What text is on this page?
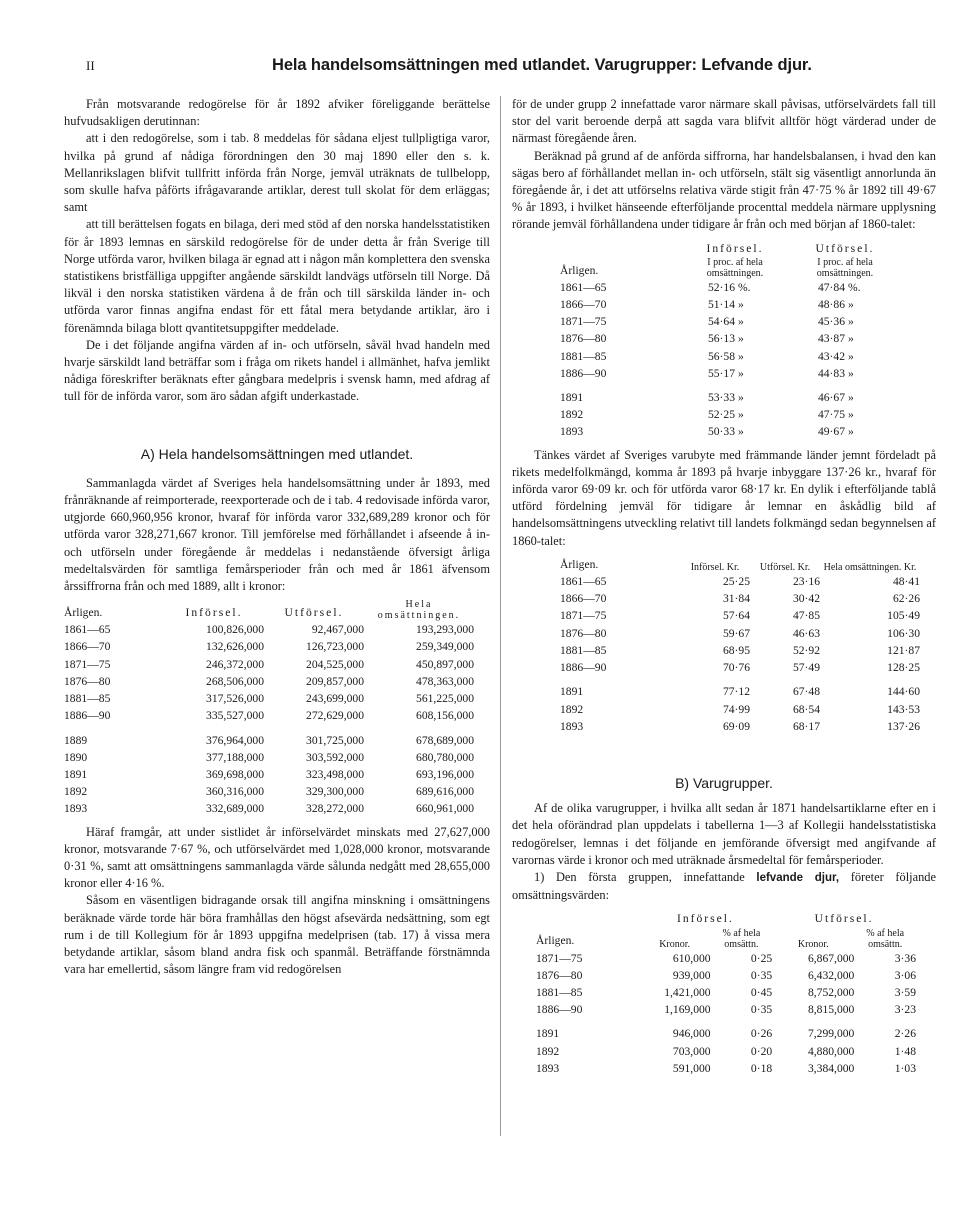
II	Hela handelsomsättningen med utlandet. Varugrupper: Lefvande djur.

Från motsvarande redogörelse för år 1892 afviker föreliggande berättelse hufvudsakligen derutinnan:

att i den redogörelse, som i tab. 8 meddelas för sådana eljest tullpligtiga varor, hvilka på grund af nådiga förordningen den 30 maj 1890 eller den s. k. Mellanrikslagen blifvit tullfritt införda från Norge, jemväl uträknats de tullbelopp, som skulle hafva påförts ifrågavarande artiklar, derest tull skolat för dem erläggas; samt

att till berättelsen fogats en bilaga, deri med stöd af den norska handelsstatistiken för år 1893 lemnas en särskild redogörelse för de under detta år från Sverige till Norge utförda varor, hvilken bilaga är egnad att i någon mån komplettera den svenska statistikens bristfälliga uppgifter angående särskildt landvägs utförseln till Norge. Då likväl i den norska statistiken värdena å de från och till särskilda länder in- och utförda varor finnas angifna endast för ett fåtal mera betydande artiklar, äro i förenämnda bilaga blott qvantitetsuppgifter meddelade.

De i det följande angifna värden af in- och utförseln, såväl hvad handeln med hvarje särskildt land beträffar som i fråga om rikets handel i allmänhet, hafva jemlikt nådiga föreskrifter beräknats efter gångbara medelpris i svensk hamn, med afdrag af tull för de införda varor, som äro sådan afgift underkastade.

A) Hela handelsomsättningen med utlandet.

Sammanlagda värdet af Sveriges hela handelsomsättning under år 1893, med frånräknande af reimporterade, reexporterade och de i tab. 4 redovisade införda varor, utgjorde 660,960,956 kronor, hvaraf för införda varor 332,689,289 kronor och för utförda varor 328,271,667 kronor. Till jemförelse med förhållandet i afseende å in- och utförseln under föregående år meddelas i nedanstående öfversigt årliga medeltalsvärden för samtliga femårsperioder från och med år 1861 äfvensom årssiffrorna från och med 1889, allt i kronor:

Årligen.	Införsel.	Utförsel.	Hela omsättningen.
1861—65	100,826,000	92,467,000	193,293,000
1866—70	132,626,000	126,723,000	259,349,000
1871—75	246,372,000	204,525,000	450,897,000
1876—80	268,506,000	209,857,000	478,363,000
1881—85	317,526,000	243,699,000	561,225,000
1886—90	335,527,000	272,629,000	608,156,000

1889	376,964,000	301,725,000	678,689,000
1890	377,188,000	303,592,000	680,780,000
1891	369,698,000	323,498,000	693,196,000
1892	360,316,000	329,300,000	689,616,000
1893	332,689,000	328,272,000	660,961,000

Häraf framgår, att under sistlidet år införselvärdet minskats med 27,627,000 kronor, motsvarande 7·67 %, och utförselvärdet med 1,028,000 kronor, motsvarande 0·31 %, samt att omsättningens sammanlagda värde sålunda nedgått med 28,655,000 kronor eller 4·16 %.

Såsom en väsentligen bidragande orsak till angifna minskning i omsättningens beräknade värde torde här böra framhållas den högst afsevärda nedsättning, som egt rum i de till Kollegium för år 1893 uppgifna medelprisen (tab. 17) å vissa mera betydande artiklar, såsom bland andra fisk och spanmål. Beträffande förstnämnda vara har emellertid, såsom längre fram vid redogörelsen

för de under grupp 2 innefattade varor närmare skall påvisas, utförselvärdets fall till stor del varit beroende derpå att sagda vara blifvit alltför högt värderad under de närmast föregående åren.

Beräknad på grund af de anförda siffrorna, har handelsbalansen, i hvad den kan sägas bero af förhållandet mellan in- och utförseln, stält sig väsentligt annorlunda än föregående år, i det att utförselns relativa värde stigit från 47·75 % år 1892 till 49·67 % år 1893, i hvilket hänseende efterföljande procenttal meddela närmare upplysning rörande jemväl förhållandena under tidigare år från och med början af 1860-talet:

Årligen.	Införsel.		Utförsel.	
	I proc. af hela omsättningen.		I proc. af hela omsättningen.	
1861—65	52·16	%.	47·84	%.
1866—70	51·14	»	48·86	»
1871—75	54·64	»	45·36	»
1876—80	56·13	»	43·87	»
1881—85	56·58	»	43·42	»
1886—90	55·17	»	44·83	»

1891	53·33	»	46·67	»
1892	52·25	»	47·75	»
1893	50·33	»	49·67	»

Tänkes värdet af Sveriges varubyte med främmande länder jemnt fördeladt på rikets medelfolkmängd, komma år 1893 på hvarje inbyggare 137·26 kr., hvaraf för införda varor 69·09 kr. och för utförda varor 68·17 kr. En dylik i efterföljande tablå utförd fördelning jemväl för tidigare år lemnar en åskådlig bild af handelsomsättningens utveckling relativt till landets folkmängd sedan begynnelsen af 1860-talet:

Årligen.	Införsel. Kr.	Utförsel. Kr.	Hela omsättningen. Kr.
1861—65	25·25	23·16	48·41
1866—70	31·84	30·42	62·26
1871—75	57·64	47·85	105·49
1876—80	59·67	46·63	106·30
1881—85	68·95	52·92	121·87
1886—90	70·76	57·49	128·25

1891	77·12	67·48	144·60
1892	74·99	68·54	143·53
1893	69·09	68·17	137·26

B) Varugrupper.

Af de olika varugrupper, i hvilka allt sedan år 1871 handelsartiklarne efter en i det hela oförändrad plan uppdelats i tabellerna 1—3 af Kollegii handelsstatistiska redogörelser, lemnas i det följande en jemförande öfversigt med angifvande af varornas värde i kronor och med uträknade årsmedeltal för femårsperioder.

1) Den första gruppen, innefattande lefvande djur, företer följande omsättningsvärden:

Årligen.	Införsel.		Utförsel.	
	Kronor.	% af hela omsättn.	Kronor.	% af hela omsättn.
1871—75	610,000	0·25	6,867,000	3·36
1876—80	939,000	0·35	6,432,000	3·06
1881—85	1,421,000	0·45	8,752,000	3·59
1886—90	1,169,000	0·35	8,815,000	3·23

1891	946,000	0·26	7,299,000	2·26
1892	703,000	0·20	4,880,000	1·48
1893	591,000	0·18	3,384,000	1·03
